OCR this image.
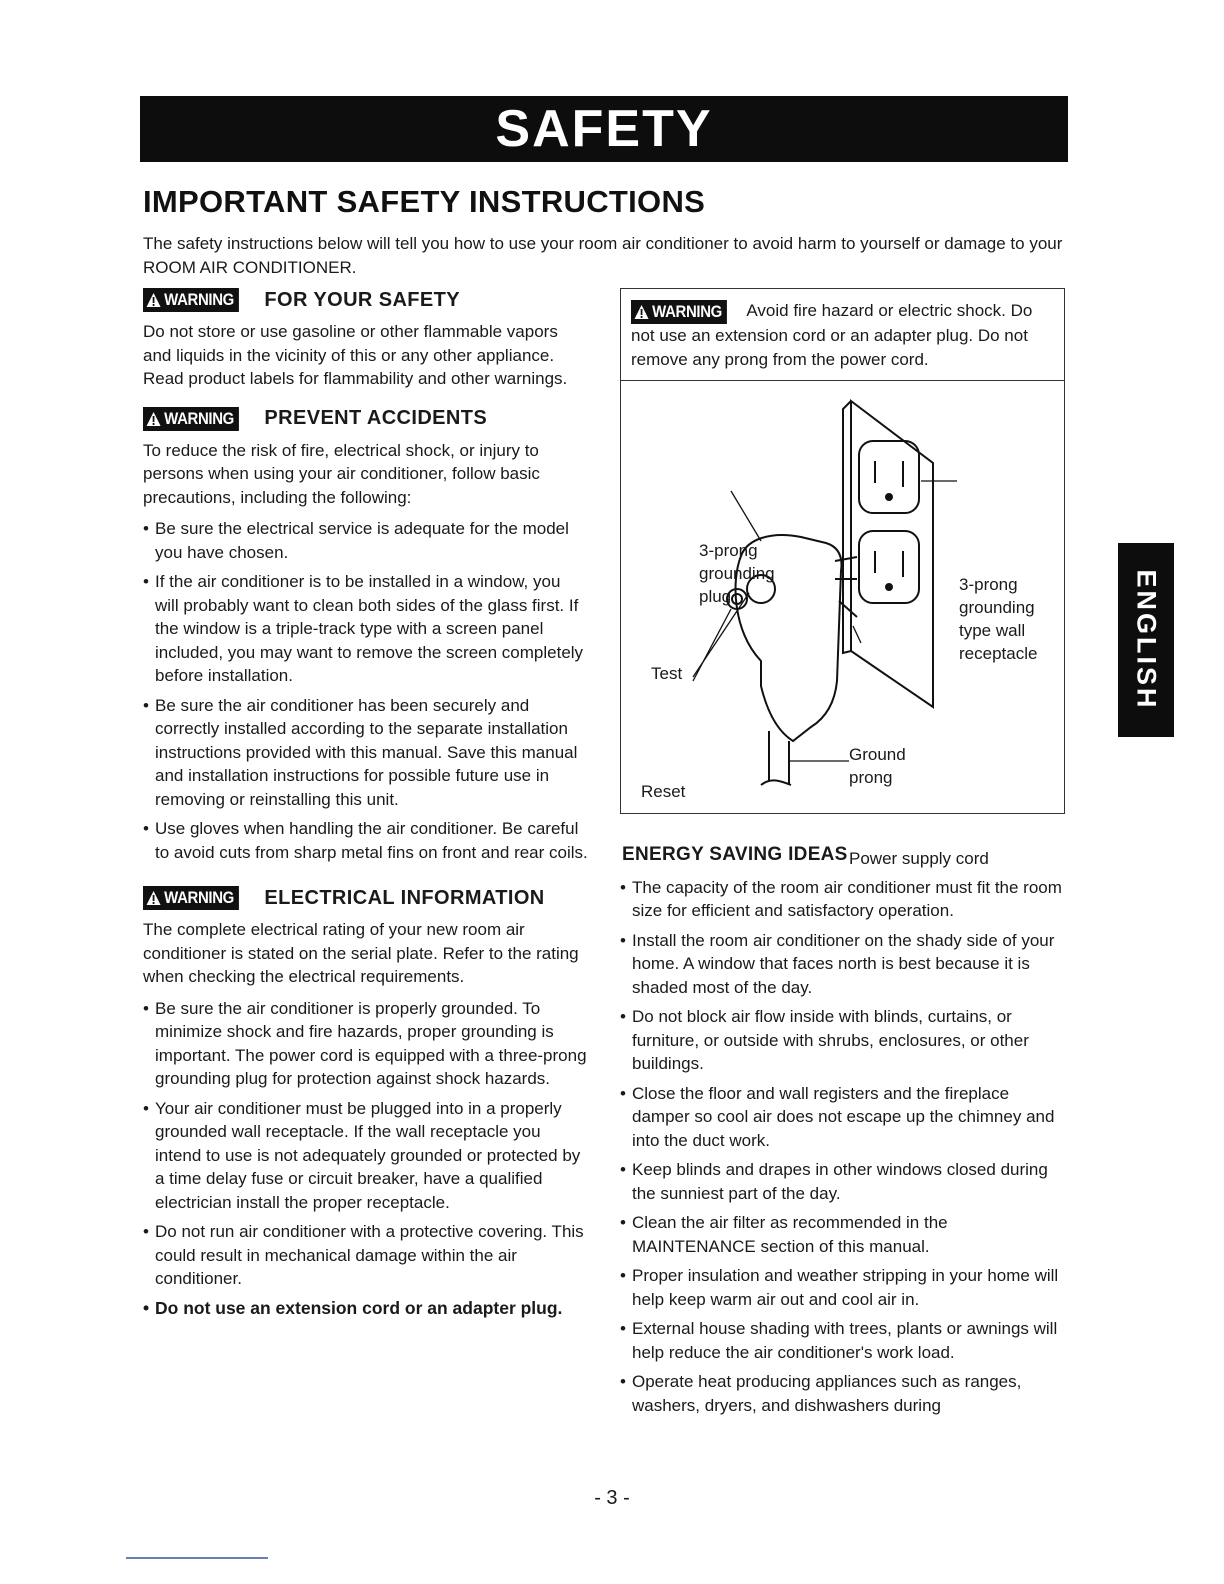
SAFETY
IMPORTANT SAFETY INSTRUCTIONS

The safety instructions below will tell you how to use your room air conditioner to avoid harm to yourself or damage to your ROOM AIR CONDITIONER.

WARNING FOR YOUR SAFETY

Do not store or use gasoline or other flammable vapors and liquids in the vicinity of this or any other appliance. Read product labels for flammability and other warnings.

WARNING PREVENT ACCIDENTS

To reduce the risk of fire, electrical shock, or injury to persons when using your air conditioner, follow basic precautions, including the following:

• Be sure the electrical service is adequate for the model you have chosen.
• If the air conditioner is to be installed in a window, you will probably want to clean both sides of the glass first. If the window is a triple-track type with a screen panel included, you may want to remove the screen completely before installation.
• Be sure the air conditioner has been securely and correctly installed according to the separate installation instructions provided with this manual. Save this manual and installation instructions for possible future use in removing or reinstalling this unit.
• Use gloves when handling the air conditioner. Be careful to avoid cuts from sharp metal fins on front and rear coils.
WARNING ELECTRICAL INFORMATION

The complete electrical rating of your new room air conditioner is stated on the serial plate. Refer to the rating when checking the electrical requirements.

• Be sure the air conditioner is properly grounded. To minimize shock and fire hazards, proper grounding is important. The power cord is equipped with a three-prong grounding plug for protection against shock hazards.
• Your air conditioner must be plugged into in a properly grounded wall receptacle. If the wall receptacle you intend to use is not adequately grounded or protected by a time delay fuse or circuit breaker, have a qualified electrician install the proper receptacle.
• Do not run air conditioner with a protective covering. This could result in mechanical damage within the air conditioner.
• Do not use an extension cord or an adapter plug.
WARNING Avoid fire hazard or electric shock. Do not use an extension cord or an adapter plug. Do not remove any prong from the power cord.
3-prong
grounding
plug
3-prong
grounding
type wall
receptacle
Test
Reset
Ground
prong
Power supply cord
ENERGY SAVING IDEAS
• The capacity of the room air conditioner must fit the room size for efficient and satisfactory operation.
• Install the room air conditioner on the shady side of your home. A window that faces north is best because it is shaded most of the day.
• Do not block air flow inside with blinds, curtains, or furniture, or outside with shrubs, enclosures, or other buildings.
• Close the floor and wall registers and the fireplace damper so cool air does not escape up the chimney and into the duct work.
• Keep blinds and drapes in other windows closed during the sunniest part of the day.
• Clean the air filter as recommended in the MAINTENANCE section of this manual.
• Proper insulation and weather stripping in your home will help keep warm air out and cool air in.
• External house shading with trees, plants or awnings will help reduce the air conditioner's work load.
• Operate heat producing appliances such as ranges, washers, dryers, and dishwashers during
ENGLISH
- 3 -
